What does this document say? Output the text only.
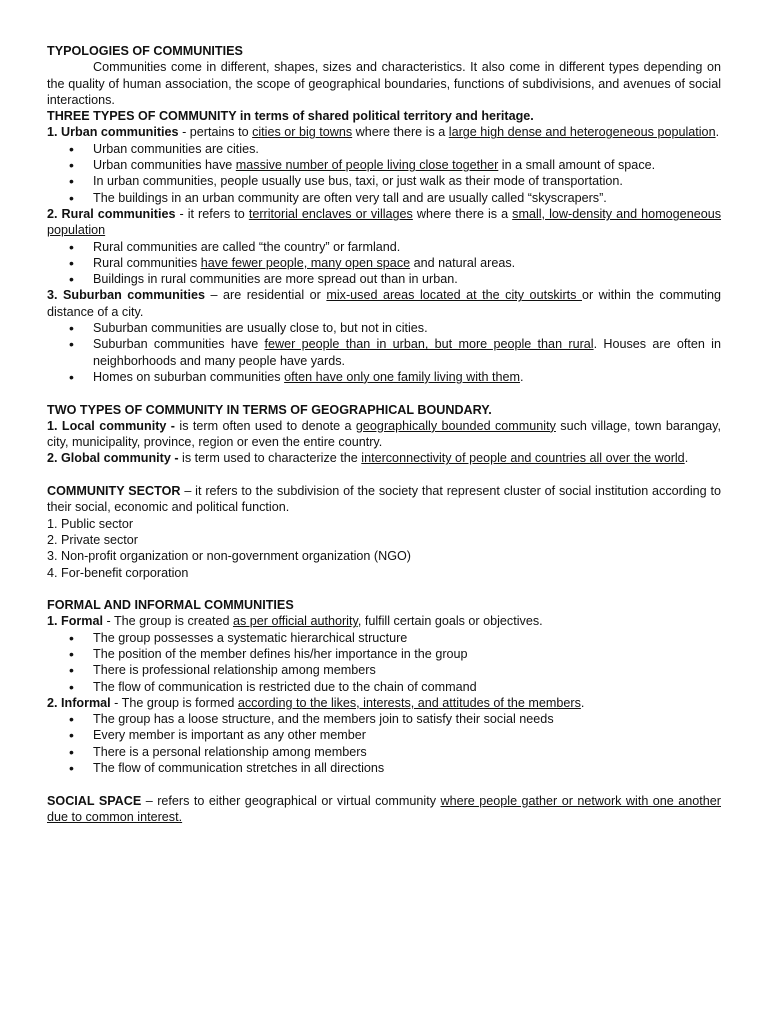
TYPOLOGIES OF COMMUNITIES

Communities come in different, shapes, sizes and characteristics. It also come in different types depending on the quality of human association, the scope of geographical boundaries, functions of subdivisions, and avenues of social interactions.

THREE TYPES OF COMMUNITY in terms of shared political territory and heritage.

1. Urban communities - pertains to cities or big towns where there is a large high dense and heterogeneous population.

• Urban communities are cities.
• Urban communities have massive number of people living close together in a small amount of space.
• In urban communities, people usually use bus, taxi, or just walk as their mode of transportation.
• The buildings in an urban community are often very tall and are usually called “skyscrapers”.

2. Rural communities - it refers to territorial enclaves or villages where there is a small, low-density and homogeneous population

• Rural communities are called “the country” or farmland.
• Rural communities have fewer people, many open space and natural areas.
• Buildings in rural communities are more spread out than in urban.

3. Suburban communities – are residential or mix-used areas located at the city outskirts or within the commuting distance of a city.

• Suburban communities are usually close to, but not in cities.
• Suburban communities have fewer people than in urban, but more people than rural. Houses are often in neighborhoods and many people have yards.
• Homes on suburban communities often have only one family living with them.

TWO TYPES OF COMMUNITY IN TERMS OF GEOGRAPHICAL BOUNDARY.

1. Local community - is term often used to denote a geographically bounded community such village, town barangay, city, municipality, province, region or even the entire country.

2. Global community - is term used to characterize the interconnectivity of people and countries all over the world.

COMMUNITY SECTOR – it refers to the subdivision of the society that represent cluster of social institution according to their social, economic and political function.

1. Public sector

2. Private sector

3. Non-profit organization or non-government organization (NGO)

4. For-benefit corporation

FORMAL AND INFORMAL COMMUNITIES

1. Formal - The group is created as per official authority, fulfill certain goals or objectives.

• The group possesses a systematic hierarchical structure
• The position of the member defines his/her importance in the group
• There is professional relationship among members
• The flow of communication is restricted due to the chain of command

2. Informal - The group is formed according to the likes, interests, and attitudes of the members.

• The group has a loose structure, and the members join to satisfy their social needs
• Every member is important as any other member
• There is a personal relationship among members
• The flow of communication stretches in all directions

SOCIAL SPACE – refers to either geographical or virtual community where people gather or network with one another due to common interest.
